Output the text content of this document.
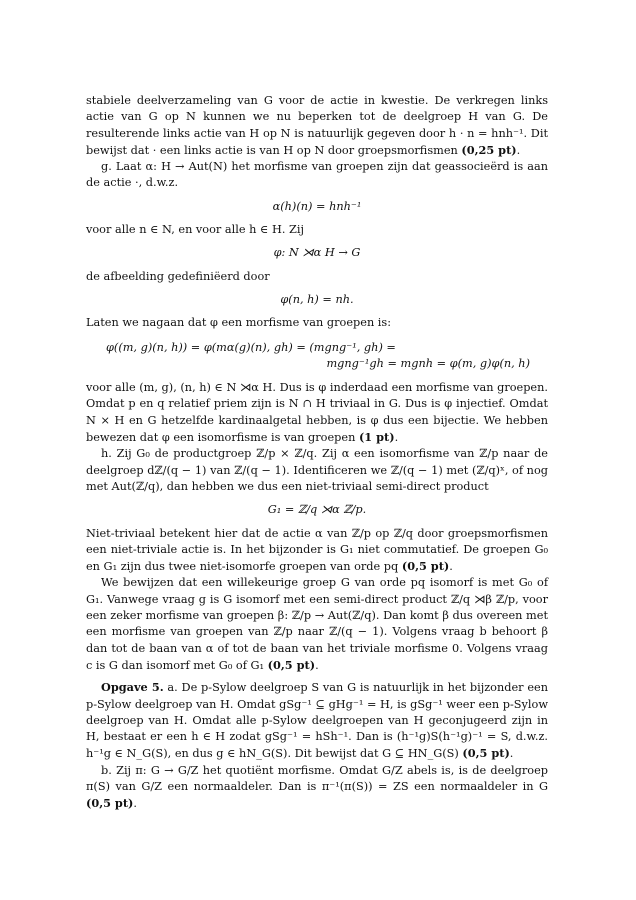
stabiele deelverzameling van G voor de actie in kwestie. De verkregen links actie van G op N kunnen we nu beperken tot de deelgroep H van G. De resulterende links actie van H op N is natuurlijk gegeven door h · n = hnh⁻¹. Dit bewijst dat · een links actie is van H op N door groepsmorfismen (0,25 pt).

g. Laat α: H → Aut(N) het morfisme van groepen zijn dat geassocieërd is aan de actie ·, d.w.z.

α(h)(n) = hnh⁻¹

voor alle n ∈ N, en voor alle h ∈ H. Zij

φ: N ⋊α H → G

de afbeelding gedefiniëerd door

φ(n, h) = nh.

Laten we nagaan dat φ een morfisme van groepen is:

φ((m, g)(n, h)) = φ(mα(g)(n), gh) = (mgng⁻¹, gh) =

mgng⁻¹gh = mgnh = φ(m, g)φ(n, h)

voor alle (m, g), (n, h) ∈ N ⋊α H. Dus is φ inderdaad een morfisme van groepen. Omdat p en q relatief priem zijn is N ∩ H triviaal in G. Dus is φ injectief. Omdat N × H en G hetzelfde kardinaalgetal hebben, is φ dus een bijectie. We hebben bewezen dat φ een isomorfisme is van groepen (1 pt).

h. Zij G₀ de productgroep ℤ/p × ℤ/q. Zij α een isomorfisme van ℤ/p naar de deelgroep dℤ/(q − 1) van ℤ/(q − 1). Identificeren we ℤ/(q − 1) met (ℤ/q)ˣ, of nog met Aut(ℤ/q), dan hebben we dus een niet-triviaal semi-direct product

G₁ = ℤ/q ⋊α ℤ/p.

Niet-triviaal betekent hier dat de actie α van ℤ/p op ℤ/q door groepsmorfismen een niet-triviale actie is. In het bijzonder is G₁ niet commutatief. De groepen G₀ en G₁ zijn dus twee niet-isomorfe groepen van orde pq (0,5 pt).

We bewijzen dat een willekeurige groep G van orde pq isomorf is met G₀ of G₁. Vanwege vraag g is G isomorf met een semi-direct product ℤ/q ⋊β ℤ/p, voor een zeker morfisme van groepen β: ℤ/p → Aut(ℤ/q). Dan komt β dus overeen met een morfisme van groepen van ℤ/p naar ℤ/(q − 1). Volgens vraag b behoort β dan tot de baan van α of tot de baan van het triviale morfisme 0. Volgens vraag c is G dan isomorf met G₀ of G₁ (0,5 pt).

Opgave 5. a. De p-Sylow deelgroep S van G is natuurlijk in het bijzonder een p-Sylow deelgroep van H. Omdat gSg⁻¹ ⊆ gHg⁻¹ = H, is gSg⁻¹ weer een p-Sylow deelgroep van H. Omdat alle p-Sylow deelgroepen van H geconjugeerd zijn in H, bestaat er een h ∈ H zodat gSg⁻¹ = hSh⁻¹. Dan is (h⁻¹g)S(h⁻¹g)⁻¹ = S, d.w.z. h⁻¹g ∈ N_G(S), en dus g ∈ hN_G(S). Dit bewijst dat G ⊆ HN_G(S) (0,5 pt).

b. Zij π: G → G/Z het quotiënt morfisme. Omdat G/Z abels is, is de deelgroep π(S) van G/Z een normaaldeler. Dan is π⁻¹(π(S)) = ZS een normaaldeler in G (0,5 pt).
